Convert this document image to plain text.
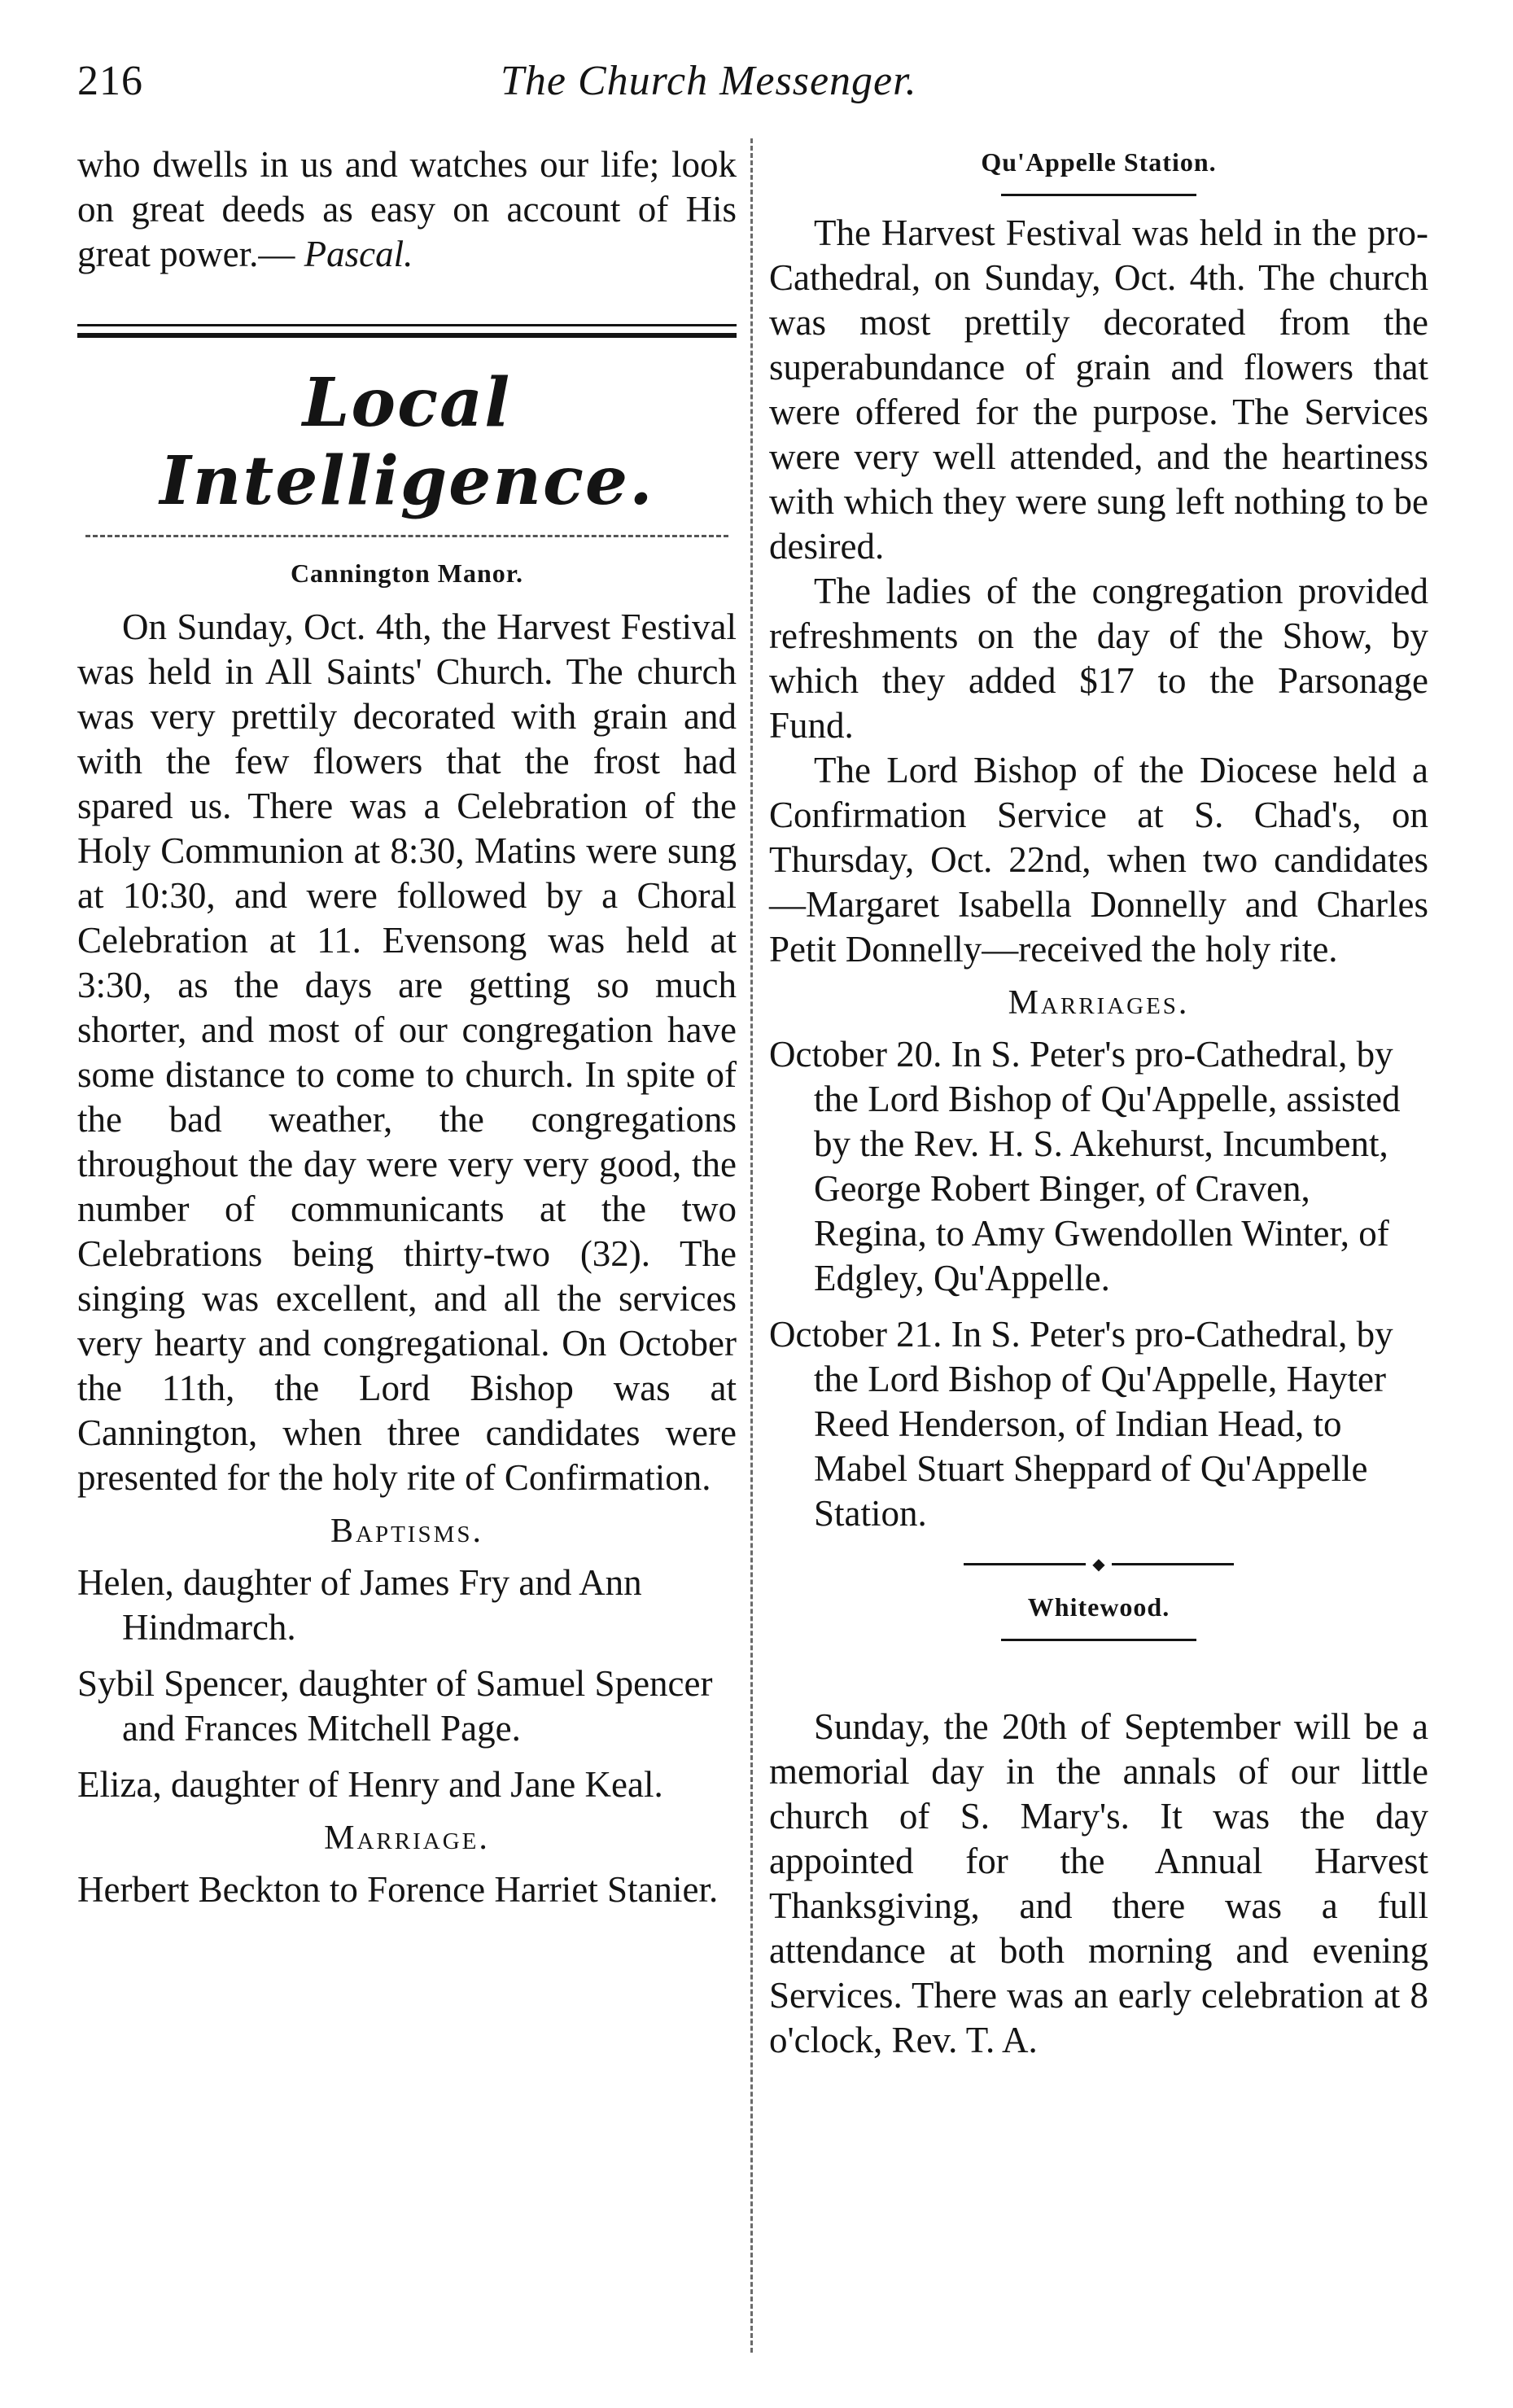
216	The Church Messenger.

who dwells in us and watches our life; look on great deeds as easy on account of His great power.— Pascal.

Local Intelligence.
Cannington Manor.

On Sunday, Oct. 4th, the Harvest Festival was held in All Saints' Church. The church was very prettily decorated with grain and with the few flowers that the frost had spared us. There was a Celebration of the Holy Communion at 8:30, Matins were sung at 10:30, and were followed by a Choral Celebration at 11. Evensong was held at 3:30, as the days are getting so much shorter, and most of our congregation have some distance to come to church. In spite of the bad weather, the congregations throughout the day were very very good, the number of communicants at the two Celebrations being thirty-two (32). The singing was excellent, and all the services very hearty and congregational. On October the 11th, the Lord Bishop was at Cannington, when three candidates were presented for the holy rite of Confirmation.

Baptisms.

Helen, daughter of James Fry and Ann Hindmarch.

Sybil Spencer, daughter of Samuel Spencer and Frances Mitchell Page.

Eliza, daughter of Henry and Jane Keal.

Marriage.

Herbert Beckton to Forence Harriet Stanier.

Qu'Appelle Station.

The Harvest Festival was held in the pro-Cathedral, on Sunday, Oct. 4th. The church was most prettily decorated from the superabundance of grain and flowers that were offered for the purpose. The Services were very well attended, and the heartiness with which they were sung left nothing to be desired.

The ladies of the congregation provided refreshments on the day of the Show, by which they added $17 to the Parsonage Fund.

The Lord Bishop of the Diocese held a Confirmation Service at S. Chad's, on Thursday, Oct. 22nd, when two candidates—Margaret Isabella Donnelly and Charles Petit Donnelly—received the holy rite.

Marriages.

October 20. In S. Peter's pro-Cathedral, by the Lord Bishop of Qu'Appelle, assisted by the Rev. H. S. Akehurst, Incumbent, George Robert Binger, of Craven, Regina, to Amy Gwendollen Winter, of Edgley, Qu'Appelle.

October 21. In S. Peter's pro-Cathedral, by the Lord Bishop of Qu'Appelle, Hayter Reed Henderson, of Indian Head, to Mabel Stuart Sheppard of Qu'Appelle Station.

◆
Whitewood.

Sunday, the 20th of September will be a memorial day in the annals of our little church of S. Mary's. It was the day appointed for the Annual Harvest Thanksgiving, and there was a full attendance at both morning and evening Services. There was an early celebration at 8 o'clock, Rev. T. A.
